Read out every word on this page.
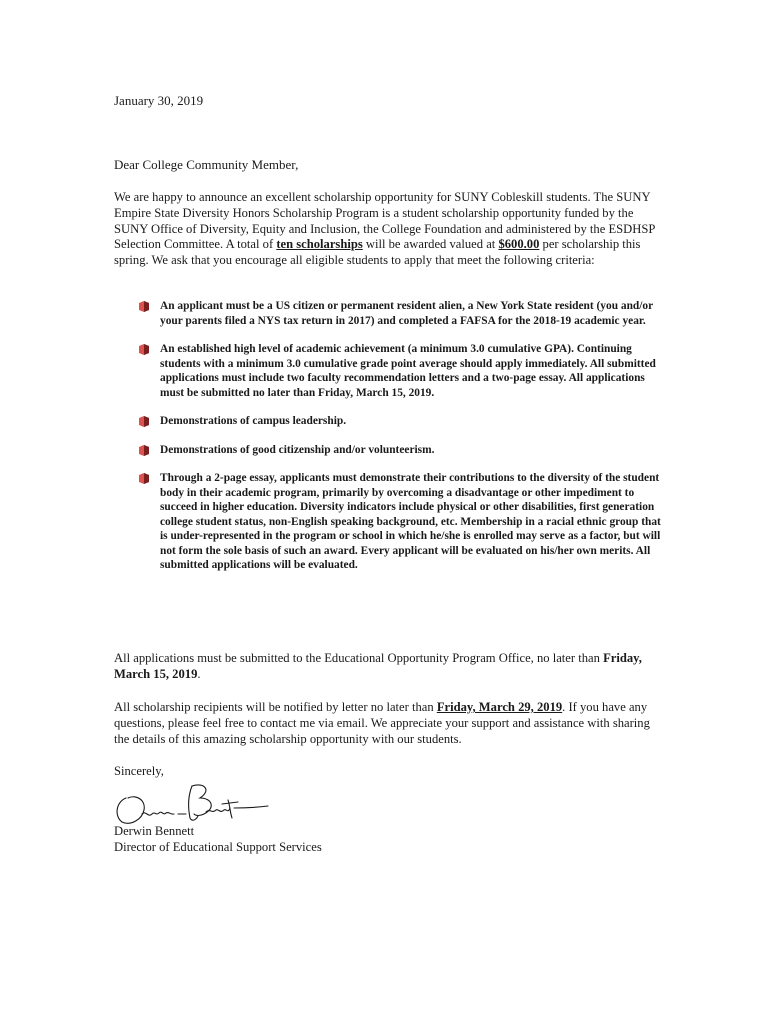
January 30, 2019
Dear College Community Member,
We are happy to announce an excellent scholarship opportunity for SUNY Cobleskill students. The SUNY Empire State Diversity Honors Scholarship Program is a student scholarship opportunity funded by the SUNY Office of Diversity, Equity and Inclusion, the College Foundation and administered by the ESDHSP Selection Committee. A total of ten scholarships will be awarded valued at $600.00 per scholarship this spring. We ask that you encourage all eligible students to apply that meet the following criteria:
An applicant must be a US citizen or permanent resident alien, a New York State resident (you and/or your parents filed a NYS tax return in 2017) and completed a FAFSA for the 2018-19 academic year.
An established high level of academic achievement (a minimum 3.0 cumulative GPA). Continuing students with a minimum 3.0 cumulative grade point average should apply immediately. All submitted applications must include two faculty recommendation letters and a two-page essay. All applications must be submitted no later than Friday, March 15, 2019.
Demonstrations of campus leadership.
Demonstrations of good citizenship and/or volunteerism.
Through a 2-page essay, applicants must demonstrate their contributions to the diversity of the student body in their academic program, primarily by overcoming a disadvantage or other impediment to succeed in higher education. Diversity indicators include physical or other disabilities, first generation college student status, non-English speaking background, etc. Membership in a racial ethnic group that is under-represented in the program or school in which he/she is enrolled may serve as a factor, but will not form the sole basis of such an award. Every applicant will be evaluated on his/her own merits. All submitted applications will be evaluated.
All applications must be submitted to the Educational Opportunity Program Office, no later than Friday, March 15, 2019.
All scholarship recipients will be notified by letter no later than Friday, March 29, 2019. If you have any questions, please feel free to contact me via email. We appreciate your support and assistance with sharing the details of this amazing scholarship opportunity with our students.
Sincerely,
Derwin Bennett
Director of Educational Support Services
